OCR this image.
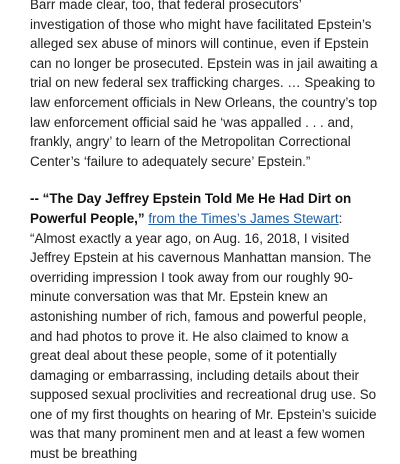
Barr made clear, too, that federal prosecutors’ investigation of those who might have facilitated Epstein’s alleged sex abuse of minors will continue, even if Epstein can no longer be prosecuted. Epstein was in jail awaiting a trial on new federal sex trafficking charges. … Speaking to law enforcement officials in New Orleans, the country’s top law enforcement official said he ‘was appalled . . . and, frankly, angry’ to learn of the Metropolitan Correctional Center’s ‘failure to adequately secure’ Epstein.”

-- “The Day Jeffrey Epstein Told Me He Had Dirt on Powerful People,” from the Times’s James Stewart: “Almost exactly a year ago, on Aug. 16, 2018, I visited Jeffrey Epstein at his cavernous Manhattan mansion. The overriding impression I took away from our roughly 90-minute conversation was that Mr. Epstein knew an astonishing number of rich, famous and powerful people, and had photos to prove it. He also claimed to know a great deal about these people, some of it potentially damaging or embarrassing, including details about their supposed sexual proclivities and recreational drug use. So one of my first thoughts on hearing of Mr. Epstein’s suicide was that many prominent men and at least a few women must be breathing
